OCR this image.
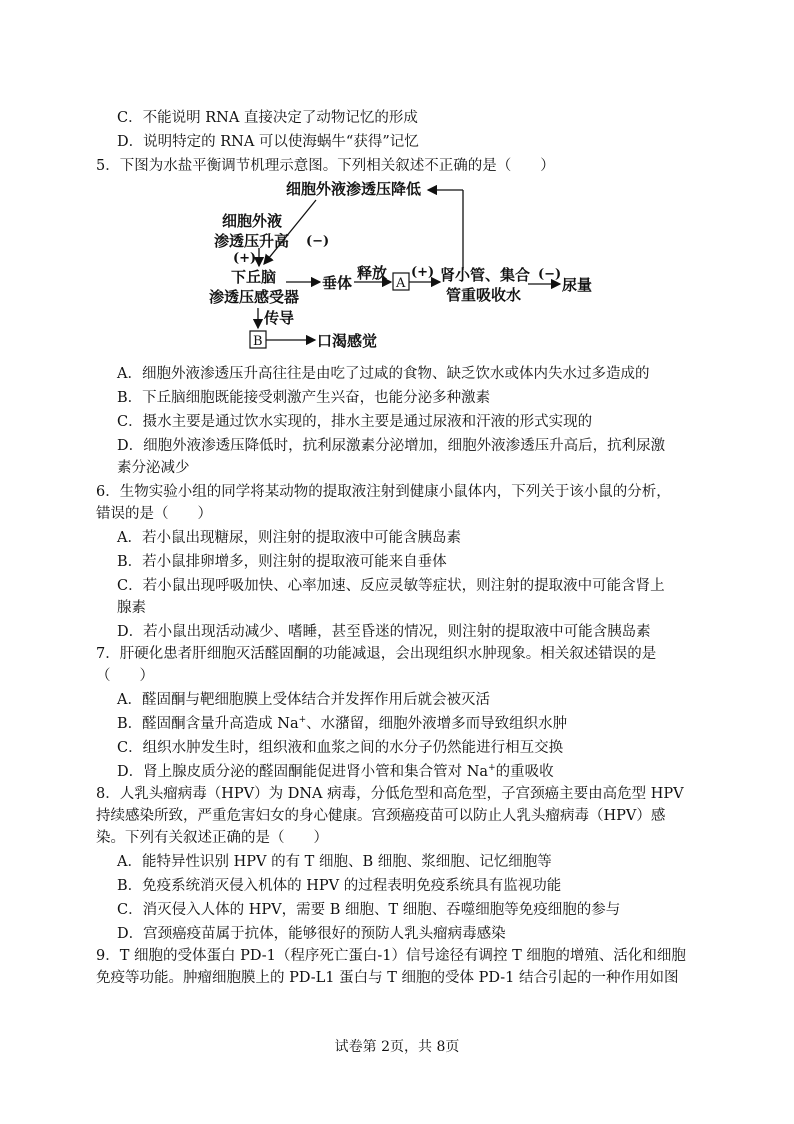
C．不能说明 RNA 直接决定了动物记忆的形成
D．说明特定的 RNA 可以使海蜗牛“获得”记忆
5．下图为水盐平衡调节机理示意图。下列相关叙述不正确的是（　　）
细胞外液渗透压降低
细胞外液
渗透压升高
(+)
(−)
下丘脑
渗透压感受器
垂体
释放
A
(+) 肾小管、集合
管重吸收水
(−)
尿量
传导
B	口渴感觉
A．细胞外液渗透压升高往往是由吃了过咸的食物、缺乏饮水或体内失水过多造成的
B．下丘脑细胞既能接受刺激产生兴奋，也能分泌多种激素
C．摄水主要是通过饮水实现的，排水主要是通过尿液和汗液的形式实现的
D．细胞外液渗透压降低时，抗利尿激素分泌增加，细胞外液渗透压升高后，抗利尿激
素分泌减少
6．生物实验小组的同学将某动物的提取液注射到健康小鼠体内，下列关于该小鼠的分析，
错误的是（　　）
A．若小鼠出现糖尿，则注射的提取液中可能含胰岛素
B．若小鼠排卵增多，则注射的提取液可能来自垂体
C．若小鼠出现呼吸加快、心率加速、反应灵敏等症状，则注射的提取液中可能含肾上
腺素
D．若小鼠出现活动减少、嗜睡，甚至昏迷的情况，则注射的提取液中可能含胰岛素
7．肝硬化患者肝细胞灭活醛固酮的功能减退，会出现组织水肿现象。相关叙述错误的是
（　　）
A．醛固酮与靶细胞膜上受体结合并发挥作用后就会被灭活
B．醛固酮含量升高造成 Na+、水潴留，细胞外液增多而导致组织水肿
C．组织水肿发生时，组织液和血浆之间的水分子仍然能进行相互交换
D．肾上腺皮质分泌的醛固酮能促进肾小管和集合管对 Na+的重吸收
8．人乳头瘤病毒（HPV）为 DNA 病毒，分低危型和高危型，子宫颈癌主要由高危型 HPV
持续感染所致，严重危害妇女的身心健康。宫颈癌疫苗可以防止人乳头瘤病毒（HPV）感
染。下列有关叙述正确的是（　　）
A．能特异性识别 HPV 的有 T 细胞、B 细胞、浆细胞、记忆细胞等
B．免疫系统消灭侵入机体的 HPV 的过程表明免疫系统具有监视功能
C．消灭侵入人体的 HPV，需要 B 细胞、T 细胞、吞噬细胞等免疫细胞的参与
D．宫颈癌疫苗属于抗体，能够很好的预防人乳头瘤病毒感染
9．T 细胞的受体蛋白 PD-1（程序死亡蛋白-1）信号途径有调控 T 细胞的增殖、活化和细胞
免疫等功能。肿瘤细胞膜上的 PD-L1 蛋白与 T 细胞的受体 PD-1 结合引起的一种作用如图
试卷第 2页，共 8页
